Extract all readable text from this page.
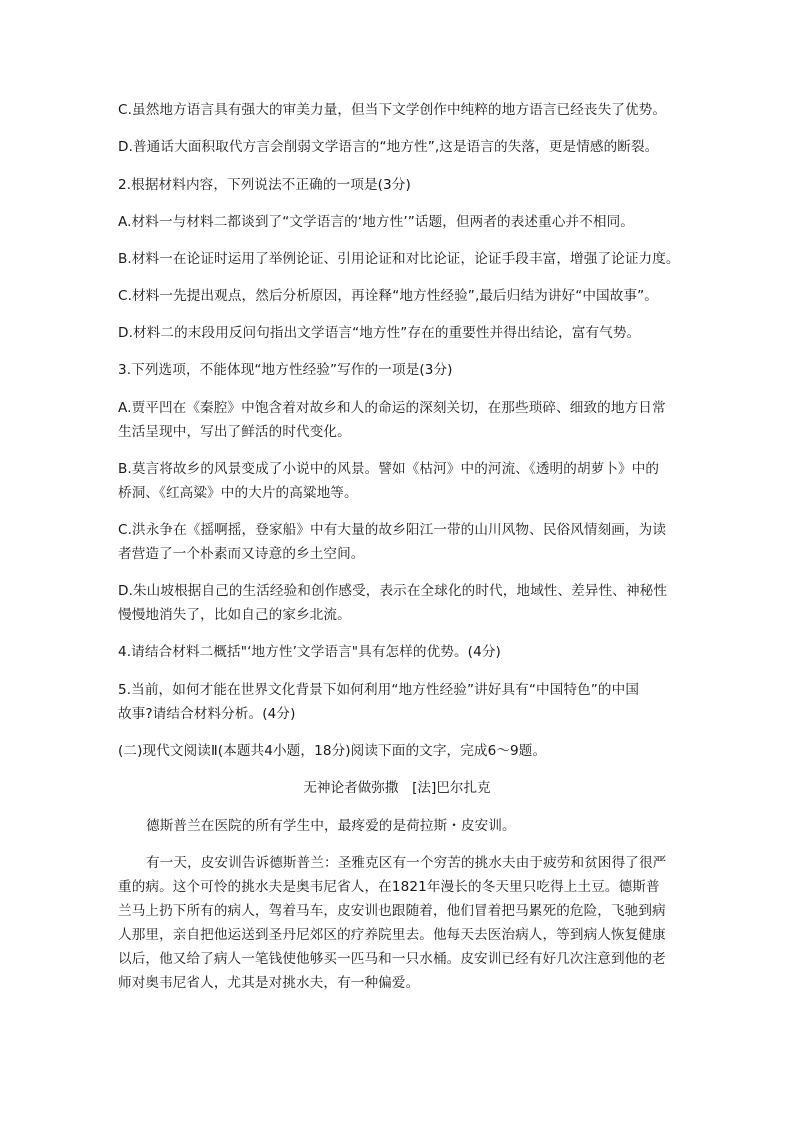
C.虽然地方语言具有强大的审美力量，但当下文学创作中纯粹的地方语言已经丧失了优势。
D.普通话大面积取代方言会削弱文学语言的“地方性”,这是语言的失落，更是情感的断裂。
2.根据材料内容，下列说法不正确的一项是(3分)
A.材料一与材料二都谈到了“文学语言的‘地方性’”话题，但两者的表述重心并不相同。
B.材料一在论证时运用了举例论证、引用论证和对比论证，论证手段丰富，增强了论证力度。
C.材料一先提出观点，然后分析原因，再诠释“地方性经验”,最后归结为讲好“中国故事”。
D.材料二的末段用反问句指出文学语言“地方性”存在的重要性并得出结论，富有气势。
3.下列选项，不能体现“地方性经验”写作的一项是(3分)
A.贾平凹在《秦腔》中饱含着对故乡和人的命运的深刻关切，在那些琐碎、细致的地方日常
生活呈现中，写出了鲜活的时代变化。
B.莫言将故乡的风景变成了小说中的风景。譬如《枯河》中的河流、《透明的胡萝卜》中的
桥洞、《红高粱》中的大片的高粱地等。
C.洪永争在《摇啊摇，登家船》中有大量的故乡阳江一带的山川风物、民俗风情刻画，为读
者营造了一个朴素而又诗意的乡土空间。
D.朱山坡根据自己的生活经验和创作感受，表示在全球化的时代，地域性、差异性、神秘性
慢慢地消失了，比如自己的家乡北流。
4.请结合材料二概括"‘地方性’文学语言"具有怎样的优势。(4分)
5.当前，如何才能在世界文化背景下如何利用“地方性经验”讲好具有“中国特色”的中国
故事?请结合材料分析。(4分)
(二)现代文阅读Ⅱ(本题共4小题，18分)阅读下面的文字，完成6～9题。
无神论者做弥撒　[法]巴尔扎克
德斯普兰在医院的所有学生中，最疼爱的是荷拉斯・皮安训。
有一天，皮安训告诉德斯普兰：圣雅克区有一个穷苦的挑水夫由于疲劳和贫困得了很严
重的病。这个可怜的挑水夫是奥韦尼省人，在1821年漫长的冬天里只吃得上土豆。德斯普
兰马上扔下所有的病人，驾着马车，皮安训也跟随着，他们冒着把马累死的危险，飞驰到病
人那里，亲自把他运送到圣丹尼郊区的疗养院里去。他每天去医治病人，等到病人恢复健康
以后，他又给了病人一笔钱使他够买一匹马和一只水桶。皮安训已经有好几次注意到他的老
师对奥韦尼省人，尤其是对挑水夫，有一种偏爱。
